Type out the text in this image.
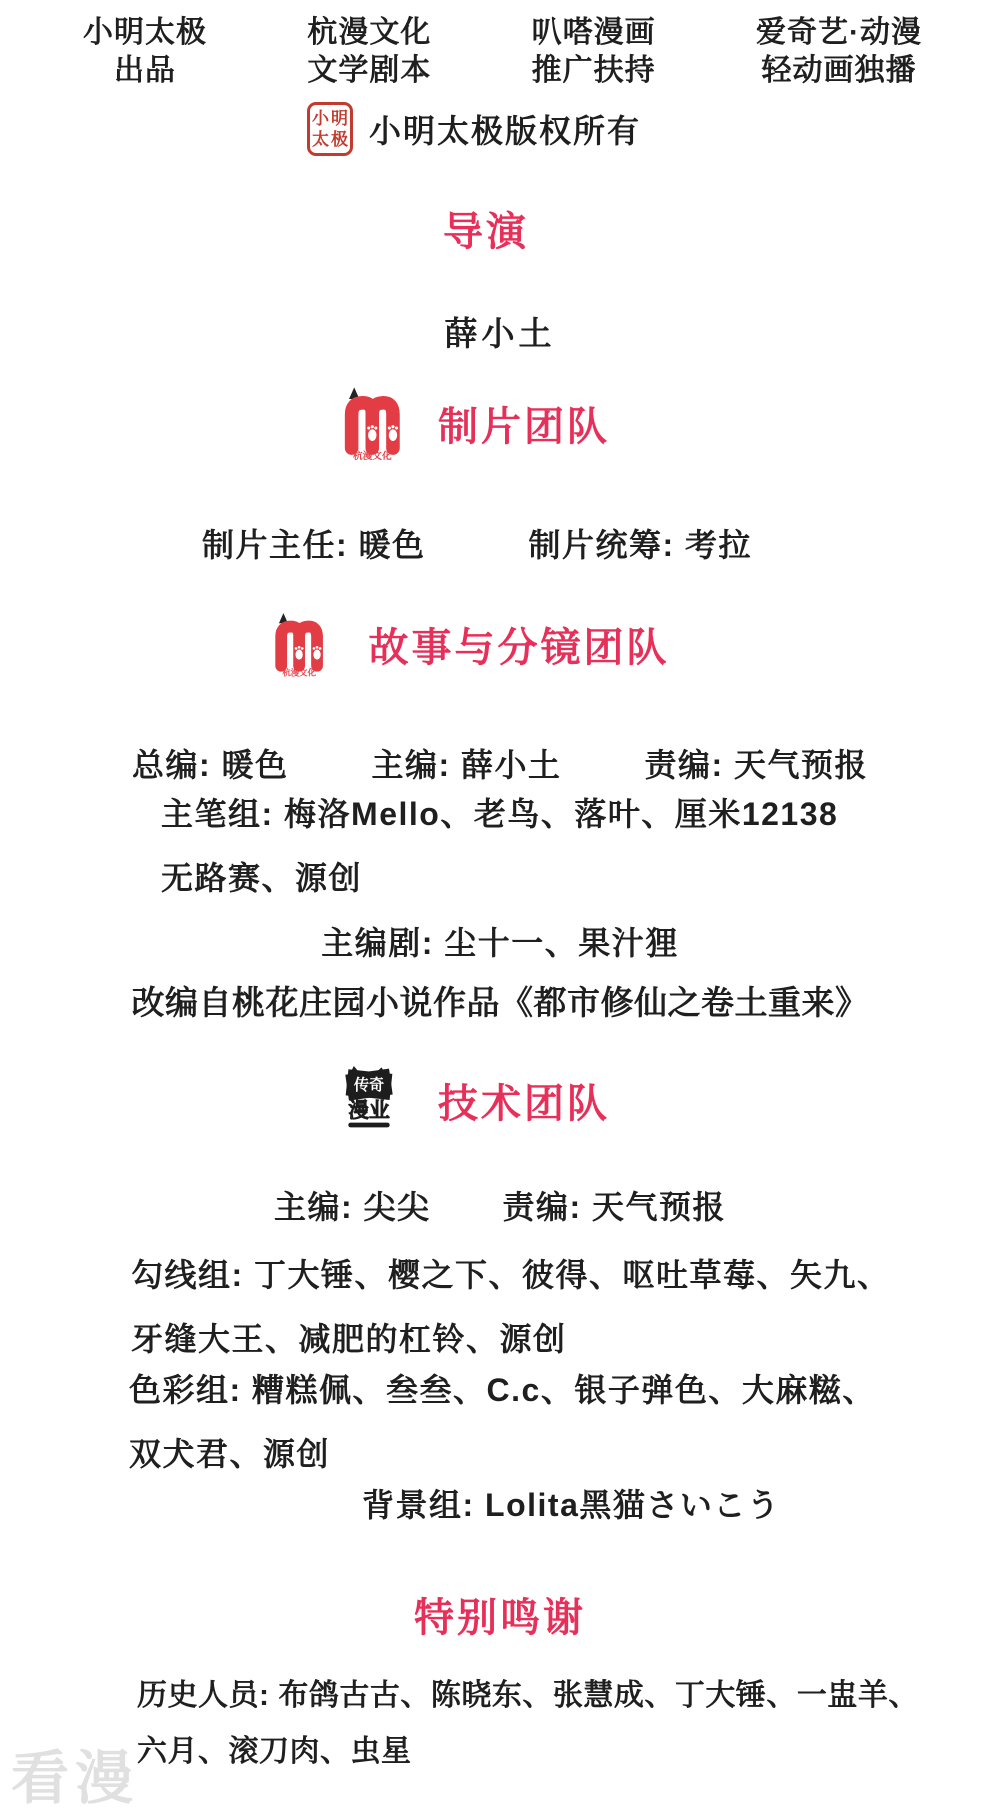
小明太极
出品
杭漫文化
文学剧本
叭嗒漫画
推广扶持
爱奇艺·动漫
轻动画独播
小 明
太 极 小明太极版权所有
导演
薛小土
杭漫文化
制片团队
制片主任: 暖色	制片统筹: 考拉
杭漫文化
故事与分镜团队
总编: 暖色	主编: 薛小土	责编: 天气预报
主笔组: 梅洛Mello、老鸟、落叶、厘米12138
无路赛、源创
主编剧: 尘十一、果汁狸
改编自桃花庄园小说作品《都市修仙之卷土重来》
传奇
漫业 技术团队
主编: 尖尖 责编: 天气预报
勾线组: 丁大锤、樱之下、彼得、呕吐草莓、矢九、
牙缝大王、减肥的杠铃、源创
色彩组: 糟糕佩、叁叁、C.c、银子弹色、大麻糍、
双犬君、源创
背景组: Lolita黑猫さいこう
特别鸣谢
历史人员: 布鸽古古、陈晓东、张慧成、丁大锤、一盅羊、
六月、滚刀肉、虫星
看漫
